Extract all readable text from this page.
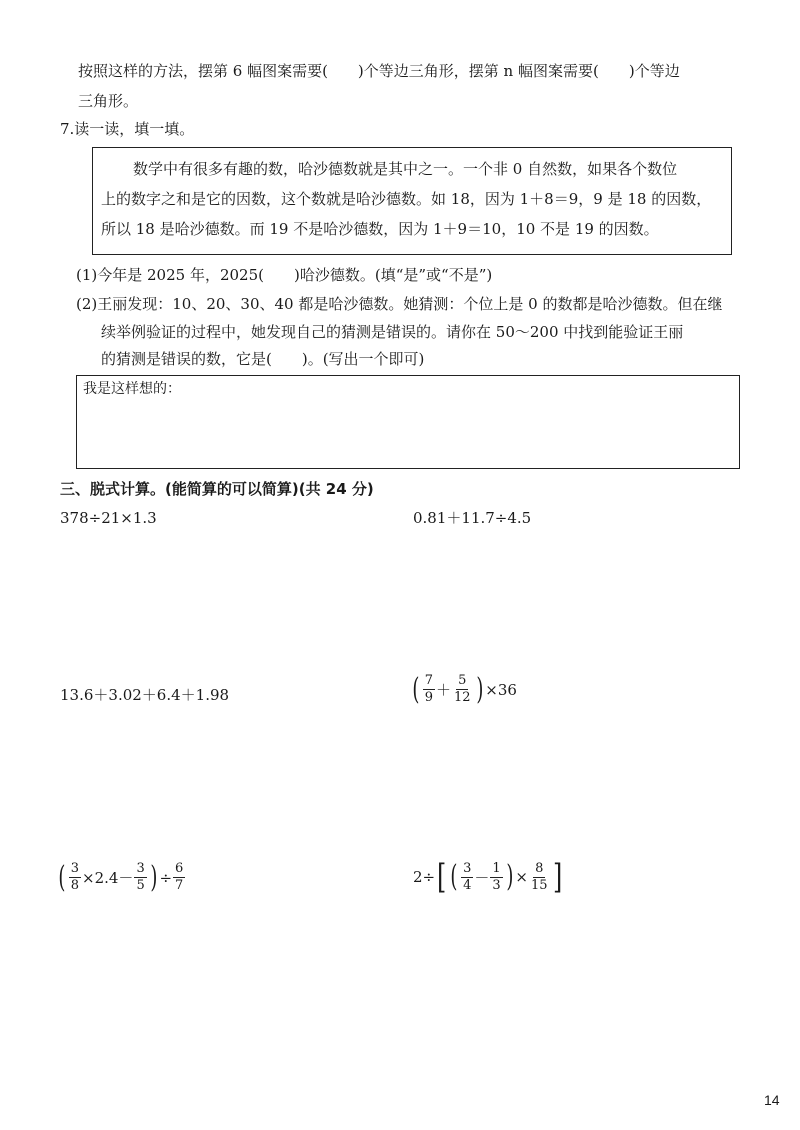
按照这样的方法，摆第 6 幅图案需要(　　)个等边三角形，摆第 n 幅图案需要(　　)个等边
三角形。
7.读一读，填一填。
数学中有很多有趣的数，哈沙德数就是其中之一。一个非 0 自然数，如果各个数位
上的数字之和是它的因数，这个数就是哈沙德数。如 18，因为 1＋8＝9，9 是 18 的因数，
所以 18 是哈沙德数。而 19 不是哈沙德数，因为 1＋9＝10，10 不是 19 的因数。
(1)今年是 2025 年，2025(　　)哈沙德数。(填“是”或“不是”)
(2)王丽发现：10、20、30、40 都是哈沙德数。她猜测：个位上是 0 的数都是哈沙德数。但在继
续举例验证的过程中，她发现自己的猜测是错误的。请你在 50～200 中找到能验证王丽
的猜测是错误的数，它是(　　)。(写出一个即可)
我是这样想的：
三、脱式计算。(能简算的可以简算)(共 24 分)
378÷21×1.3	0.81＋11.7÷4.5
13.6＋3.02＋6.4＋1.98	( $\frac{7}{9} + \frac{5}{12}$ ) ×36
( $\frac{3}{8} \times 2.4- \frac{3}{5}$ ) ÷ $\frac{6}{7}$	2÷ [ ( $\frac{3}{4} - \frac{1}{3}$ ) × $\frac{8}{15}$ ]
14
